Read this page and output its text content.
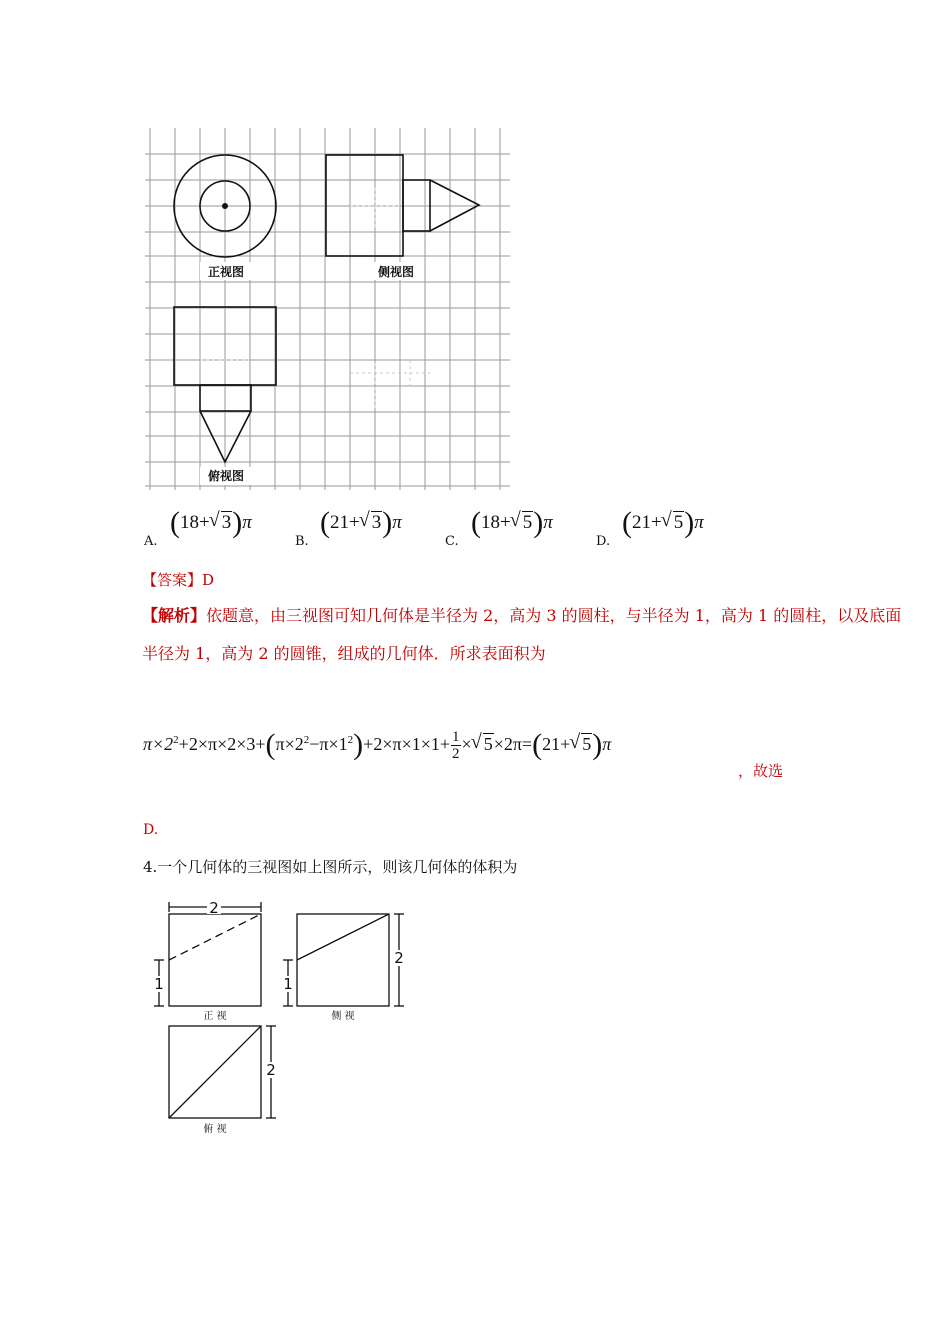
正视图	侧视图
俯视图
A.
(18+ √ 3)π
B.
(21+ √ 3)π
C.
(18+ √ 5)π
D.
(21+ √ 5)π
【答案】D
【解析】依题意，由三视图可知几何体是半径为 2，高为 3 的圆柱，与半径为 1，高为 1 的圆柱，以及底面
半径为 1，高为 2 的圆锥，组成的几何体．所求表面积为
$\pi\times 2^2+2\times\pi\times 2\times 3+(\pi\times 2^2-\pi\times 1^2)+2\times\pi\times 1\times 1+ \frac{1}{2}$ × √ 5×2π=(21+ √ 5)π
，故选
D.
4.一个几何体的三视图如上图所示，则该几何体的体积为
2
1	1
2
2
正 视	侧 视
俯 视
